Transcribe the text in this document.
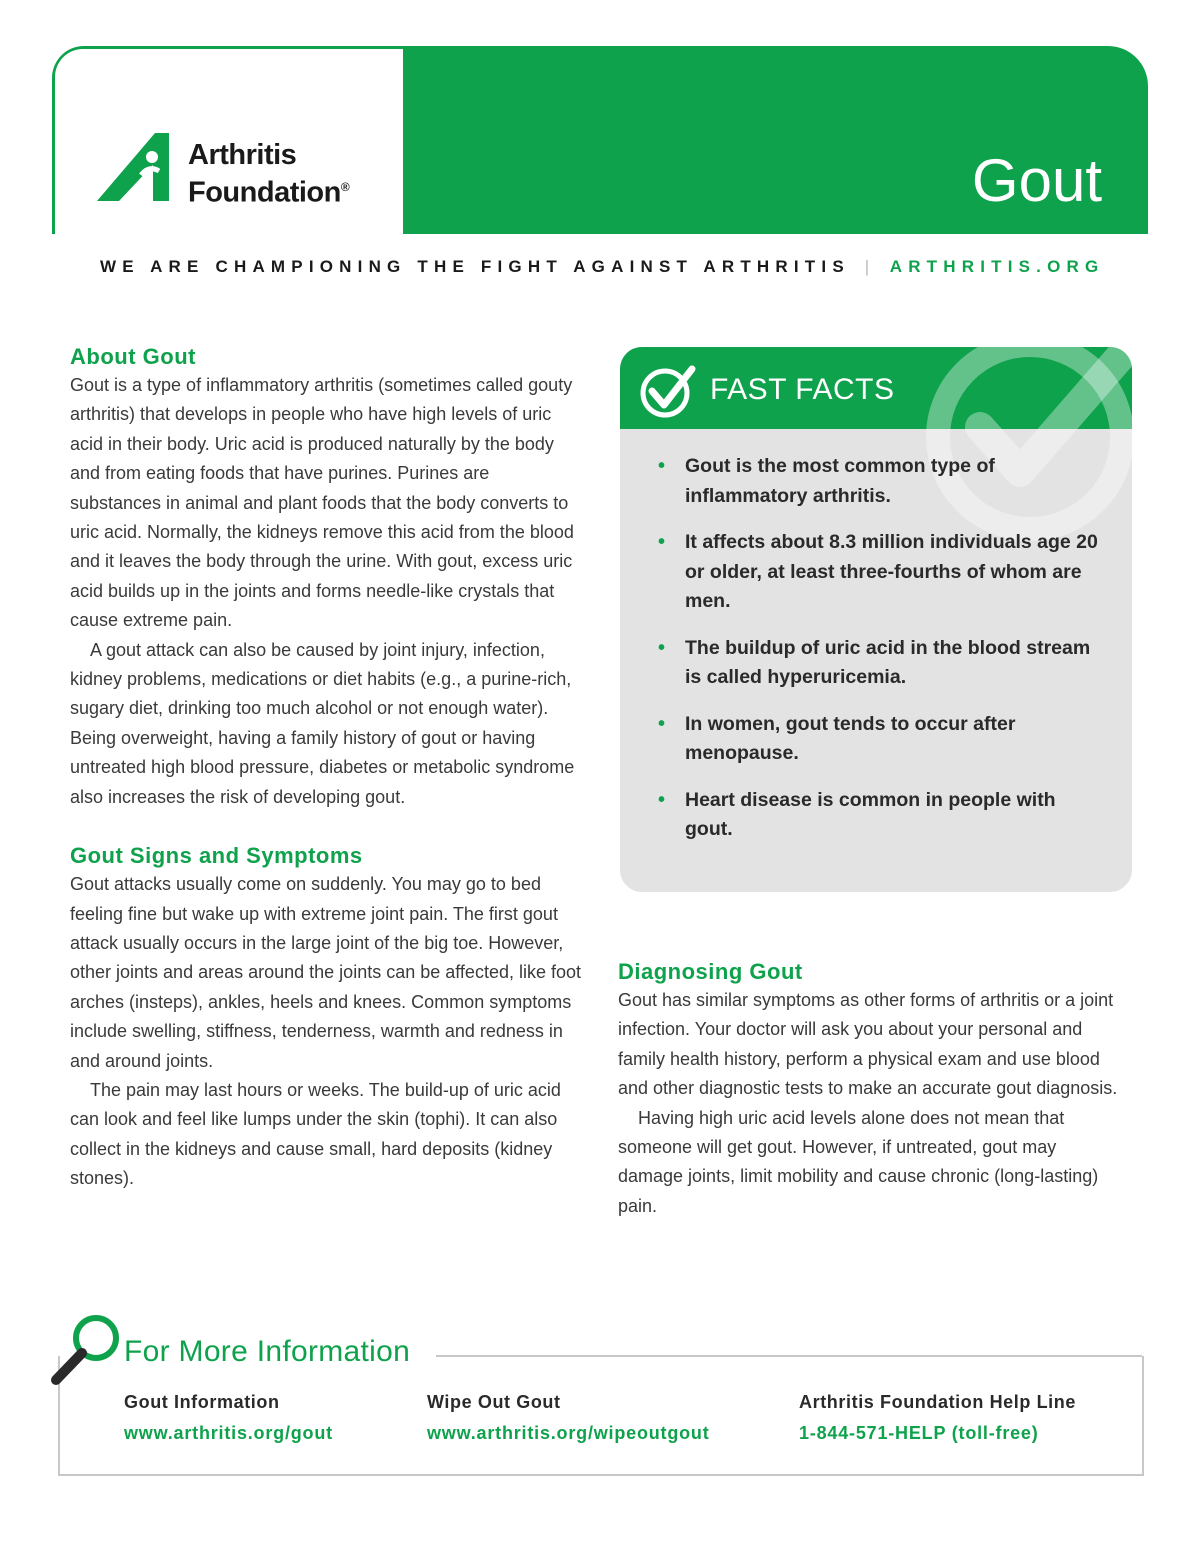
Arthritis
Foundation®	Gout
WE ARE CHAMPIONING THE FIGHT AGAINST ARTHRITIS | ARTHRITIS.ORG
About Gout

Gout is a type of inflammatory arthritis (sometimes called gouty arthritis) that develops in people who have high levels of uric acid in their body. Uric acid is produced naturally by the body and from eating foods that have purines. Purines are substances in animal and plant foods that the body converts to uric acid. Normally, the kidneys remove this acid from the blood and it leaves the body through the urine. With gout, excess uric acid builds up in the joints and forms needle-like crystals that cause extreme pain.

A gout attack can also be caused by joint injury, infection, kidney problems, medications or diet habits (e.g., a purine-rich, sugary diet, drinking too much alcohol or not enough water). Being overweight, having a family history of gout or having untreated high blood pressure, diabetes or metabolic syndrome also increases the risk of developing gout.

Gout Signs and Symptoms

Gout attacks usually come on suddenly. You may go to bed feeling fine but wake up with extreme joint pain. The first gout attack usually occurs in the large joint of the big toe. However, other joints and areas around the joints can be affected, like foot arches (insteps), ankles, heels and knees. Common symptoms include swelling, stiffness, tenderness, warmth and redness in and around joints.

The pain may last hours or weeks. The build-up of uric acid can look and feel like lumps under the skin (tophi). It can also collect in the kidneys and cause small, hard deposits (kidney stones).

FAST FACTS
• Gout is the most common type of inflammatory arthritis.
• It affects about 8.3 million individuals age 20 or older, at least three-fourths of whom are men.
• The buildup of uric acid in the blood stream is called hyperuricemia.
• In women, gout tends to occur after menopause.
• Heart disease is common in people with gout.
Diagnosing Gout

Gout has similar symptoms as other forms of arthritis or a joint infection. Your doctor will ask you about your personal and family health history, perform a physical exam and use blood and other diagnostic tests to make an accurate gout diagnosis.

Having high uric acid levels alone does not mean that someone will get gout. However, if untreated, gout may damage joints, limit mobility and cause chronic (long-lasting) pain.

For More Information
Gout Information
www.arthritis.org/gout
Wipe Out Gout
www.arthritis.org/wipeoutgout
Arthritis Foundation Help Line
1-844-571-HELP (toll-free)
